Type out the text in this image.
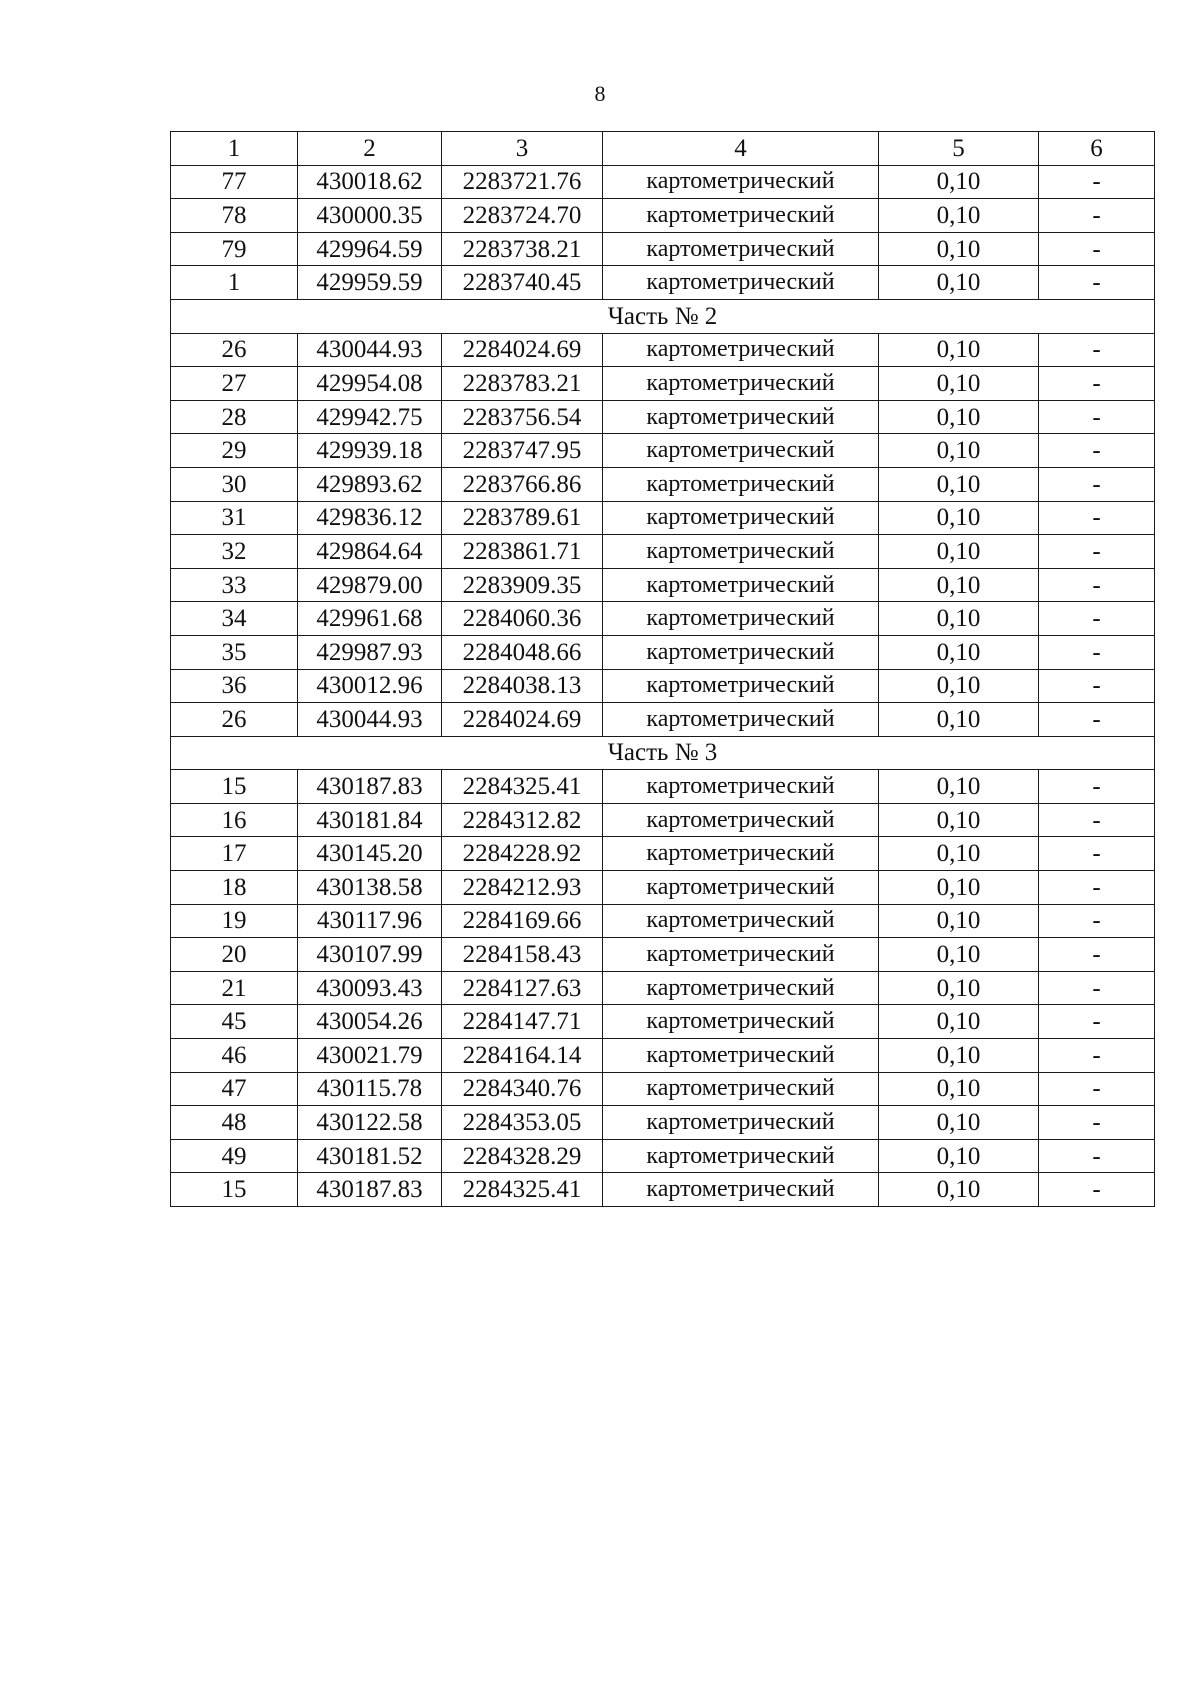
8
1	2	3	4	5	6
77	430018.62	2283721.76	картометрический	0,10	-
78	430000.35	2283724.70	картометрический	0,10	-
79	429964.59	2283738.21	картометрический	0,10	-
1	429959.59	2283740.45	картометрический	0,10	-
Часть № 2					
26	430044.93	2284024.69	картометрический	0,10	-
27	429954.08	2283783.21	картометрический	0,10	-
28	429942.75	2283756.54	картометрический	0,10	-
29	429939.18	2283747.95	картометрический	0,10	-
30	429893.62	2283766.86	картометрический	0,10	-
31	429836.12	2283789.61	картометрический	0,10	-
32	429864.64	2283861.71	картометрический	0,10	-
33	429879.00	2283909.35	картометрический	0,10	-
34	429961.68	2284060.36	картометрический	0,10	-
35	429987.93	2284048.66	картометрический	0,10	-
36	430012.96	2284038.13	картометрический	0,10	-
26	430044.93	2284024.69	картометрический	0,10	-
Часть № 3					
15	430187.83	2284325.41	картометрический	0,10	-
16	430181.84	2284312.82	картометрический	0,10	-
17	430145.20	2284228.92	картометрический	0,10	-
18	430138.58	2284212.93	картометрический	0,10	-
19	430117.96	2284169.66	картометрический	0,10	-
20	430107.99	2284158.43	картометрический	0,10	-
21	430093.43	2284127.63	картометрический	0,10	-
45	430054.26	2284147.71	картометрический	0,10	-
46	430021.79	2284164.14	картометрический	0,10	-
47	430115.78	2284340.76	картометрический	0,10	-
48	430122.58	2284353.05	картометрический	0,10	-
49	430181.52	2284328.29	картометрический	0,10	-
15	430187.83	2284325.41	картометрический	0,10	-
